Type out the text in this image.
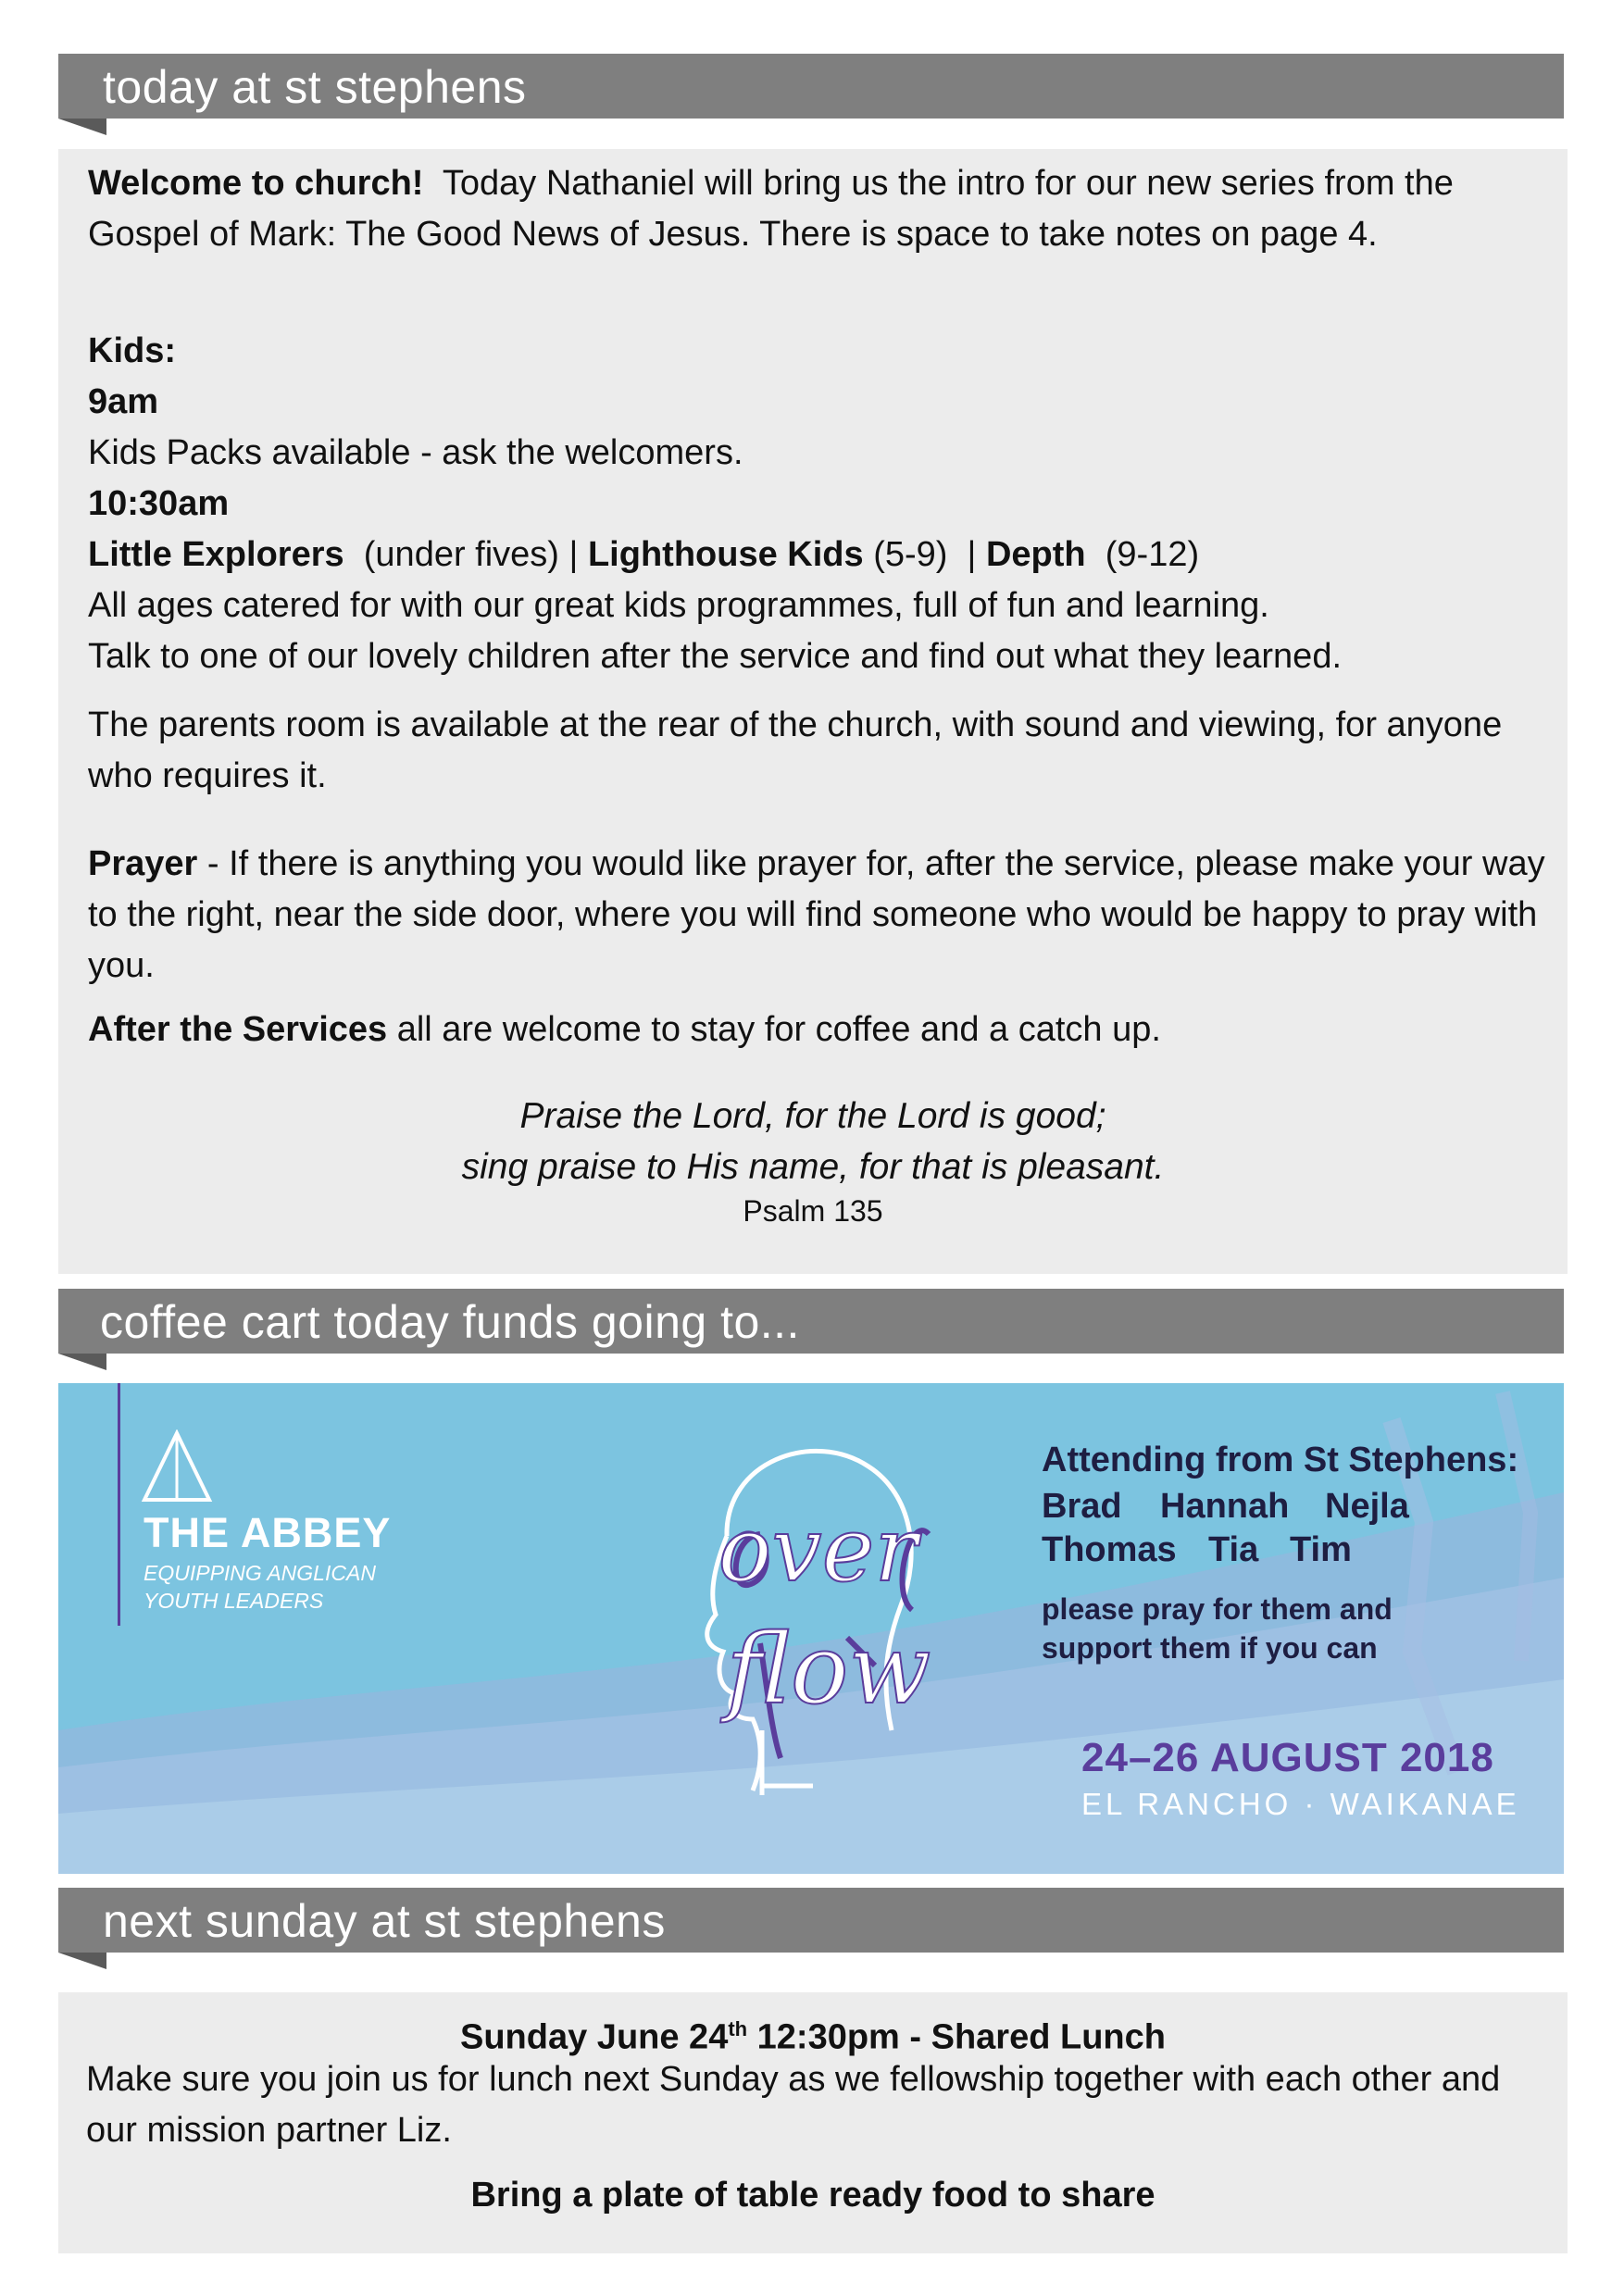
today at st stephens
Welcome to church! Today Nathaniel will bring us the intro for our new series from the Gospel of Mark: The Good News of Jesus. There is space to take notes on page 4.
Kids:
9am
Kids Packs available - ask the welcomers.
10:30am
Little Explorers (under fives) | Lighthouse Kids (5-9) | Depth (9-12)
All ages catered for with our great kids programmes, full of fun and learning.
Talk to one of our lovely children after the service and find out what they learned.
The parents room is available at the rear of the church, with sound and viewing, for anyone who requires it.
Prayer - If there is anything you would like prayer for, after the service, please make your way to the right, near the side door, where you will find someone who would be happy to pray with you.
After the Services all are welcome to stay for coffee and a catch up.
Praise the Lord, for the Lord is good;
sing praise to His name, for that is pleasant.
Psalm 135
coffee cart today funds going to...
THE ABBEY
EQUIPPING ANGLICAN
YOUTH LEADERS	over
flow
Attending from St Stephens:
Brad Hannah Nejla
Thomas Tia Tim
please pray for them and
support them if you can
24–26 AUGUST 2018
EL RANCHO · WAIKANAE
next sunday at st stephens
Sunday June 24th 12:30pm - Shared Lunch
Make sure you join us for lunch next Sunday as we fellowship together with each other and our mission partner Liz.
Bring a plate of table ready food to share
